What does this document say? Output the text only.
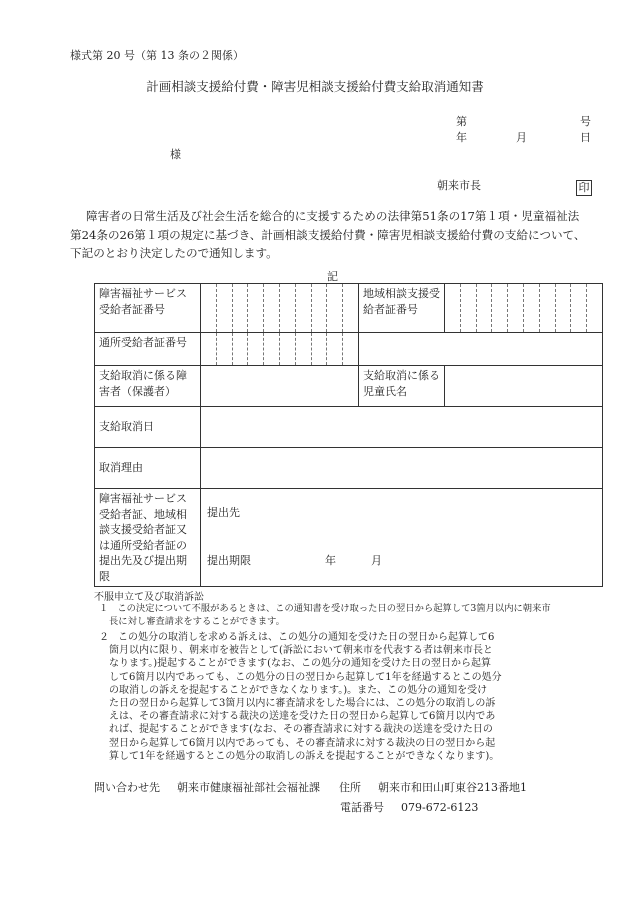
様式第 20 号（第 13 条の２関係）
計画相談支援給付費・障害児相談支援給付費支給取消通知書
第	号
年	月	日
様
朝来市長	印
障害者の日常生活及び社会生活を総合的に支援するための法律第51条の17第１項・児童福祉法
第24条の26第１項の規定に基づき、計画相談支援給付費・障害児相談支援給付費の支給について、
下記のとおり決定したので通知します。
記
障害福祉サービス受給者証番号		地域相談支援受給者証番号	

通所受給者証番号		

支給取消に係る障害者（保護者）		支給取消に係る児童氏名	
支給取消日			
取消理由			
障害福祉サービス受給者証、地域相談支援受給者証又は通所受給者証の提出先及び提出期限	提出先
提出期限 年 月		
不服申立て及び取消訴訟
１ この決定について不服があるときは、この通知書を受け取った日の翌日から起算して3箇月以内に朝来市
長に対し審査請求をすることができます。
２ この処分の取消しを求める訴えは、この処分の通知を受けた日の翌日から起算して6
箇月以内に限り、朝来市を被告として(訴訟において朝来市を代表する者は朝来市長と
なります。)提起することができます(なお、この処分の通知を受けた日の翌日から起算
して6箇月以内であっても、この処分の日の翌日から起算して1年を経過するとこの処分
の取消しの訴えを提起することができなくなります。)。また、この処分の通知を受け
た日の翌日から起算して3箇月以内に審査請求をした場合には、この処分の取消しの訴
えは、その審査請求に対する裁決の送達を受けた日の翌日から起算して6箇月以内であ
れば、提起することができます(なお、その審査請求に対する裁決の送達を受けた日の
翌日から起算して6箇月以内であっても、その審査請求に対する裁決の日の翌日から起
算して1年を経過するとこの処分の取消しの訴えを提起することができなくなります)。
問い合わせ先 朝来市健康福祉部社会福祉課 住所 朝来市和田山町東谷213番地1
電話番号 079-672-6123
